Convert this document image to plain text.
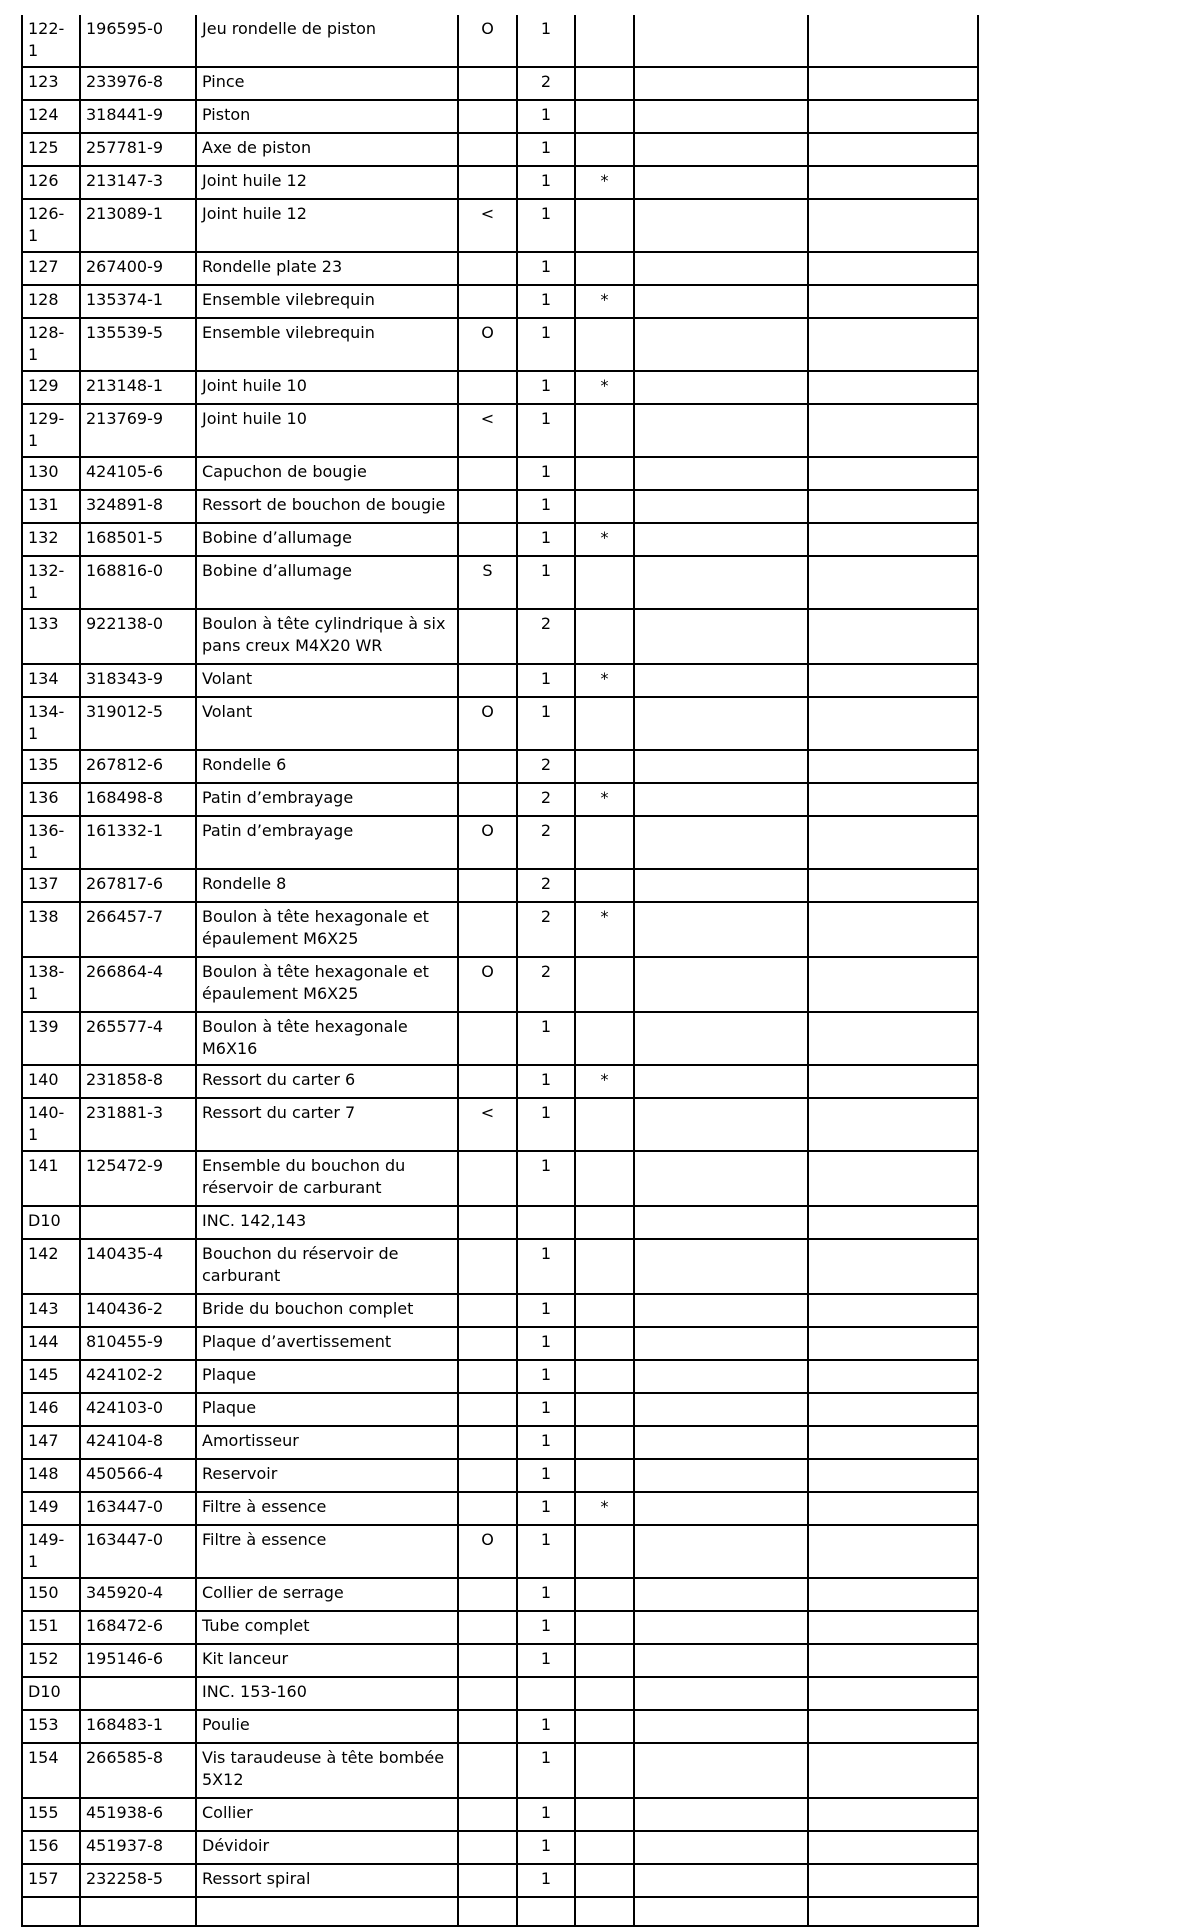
122-1	196595-0	Jeu rondelle de piston	O	1			
123	233976-8	Pince		2			
124	318441-9	Piston		1			
125	257781-9	Axe de piston		1			
126	213147-3	Joint huile 12		1	*		
126-1	213089-1	Joint huile 12	<	1			
127	267400-9	Rondelle plate 23		1			
128	135374-1	Ensemble vilebrequin		1	*		
128-1	135539-5	Ensemble vilebrequin	O	1			
129	213148-1	Joint huile 10		1	*		
129-1	213769-9	Joint huile 10	<	1			
130	424105-6	Capuchon de bougie		1			
131	324891-8	Ressort de bouchon de bougie		1			
132	168501-5	Bobine d’allumage		1	*		
132-1	168816-0	Bobine d’allumage	S	1			
133	922138-0	Boulon à tête cylindrique à six pans creux M4X20 WR		2			
134	318343-9	Volant		1	*		
134-1	319012-5	Volant	O	1			
135	267812-6	Rondelle 6		2			
136	168498-8	Patin d’embrayage		2	*		
136-1	161332-1	Patin d’embrayage	O	2			
137	267817-6	Rondelle 8		2			
138	266457-7	Boulon à tête hexagonale et épaulement M6X25		2	*		
138-1	266864-4	Boulon à tête hexagonale et épaulement M6X25	O	2			
139	265577-4	Boulon à tête hexagonale M6X16		1			
140	231858-8	Ressort du carter 6		1	*		
140-1	231881-3	Ressort du carter 7	<	1			
141	125472-9	Ensemble du bouchon du réservoir de carburant		1			
D10		INC. 142,143					
142	140435-4	Bouchon du réservoir de carburant		1			
143	140436-2	Bride du bouchon complet		1			
144	810455-9	Plaque d’avertissement		1			
145	424102-2	Plaque		1			
146	424103-0	Plaque		1			
147	424104-8	Amortisseur		1			
148	450566-4	Reservoir		1			
149	163447-0	Filtre à essence		1	*		
149-1	163447-0	Filtre à essence	O	1			
150	345920-4	Collier de serrage		1			
151	168472-6	Tube complet		1			
152	195146-6	Kit lanceur		1			
D10		INC. 153-160					
153	168483-1	Poulie		1			
154	266585-8	Vis taraudeuse à tête bombée 5X12		1			
155	451938-6	Collier		1			
156	451937-8	Dévidoir		1			
157	232258-5	Ressort spiral		1			
